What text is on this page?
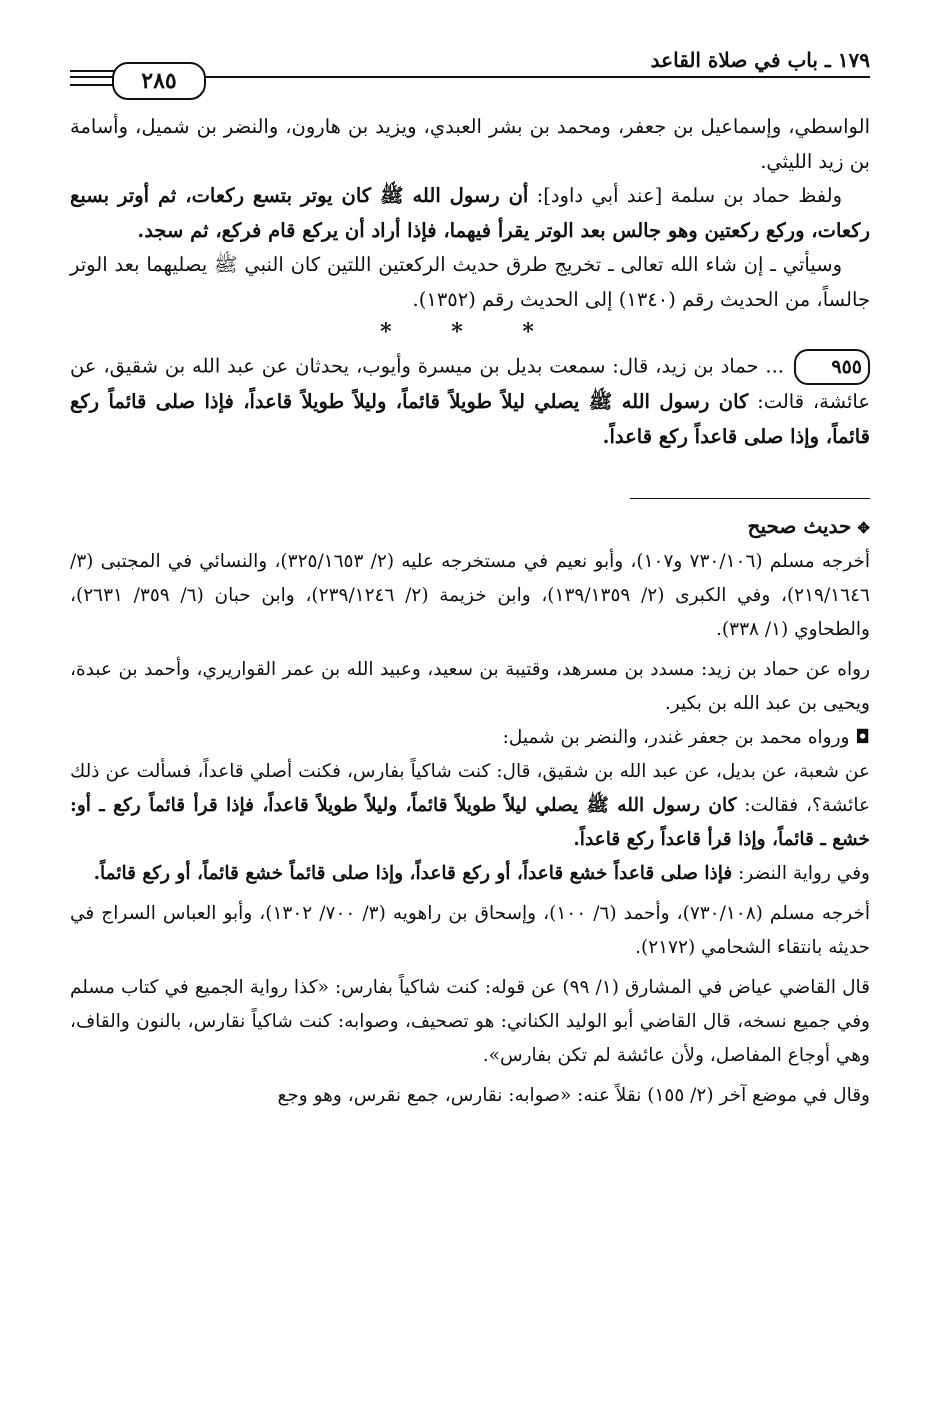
١٧٩ ـ باب في صلاة القاعد
٢٨٥

الواسطي، وإسماعيل بن جعفر، ومحمد بن بشر العبدي، ويزيد بن هارون، والنضر بن شميل، وأسامة بن زيد الليثي.

ولفظ حماد بن سلمة [عند أبي داود]: أن رسول الله ﷺ كان يوتر بتسع ركعات، ثم أوتر بسبع ركعات، وركع ركعتين وهو جالس بعد الوتر يقرأ فيهما، فإذا أراد أن يركع قام فركع، ثم سجد.

وسيأتي ـ إن شاء الله تعالى ـ تخريج طرق حديث الركعتين اللتين كان النبي ﷺ يصليهما بعد الوتر جالساً، من الحديث رقم (١٣٤٠) إلى الحديث رقم (١٣٥٢).

* * *

٩٥٥... حماد بن زيد، قال: سمعت بديل بن ميسرة وأيوب، يحدثان عن عبد الله بن شقيق، عن عائشة، قالت: كان رسول الله ﷺ يصلي ليلاً طويلاً قائماً، وليلاً طويلاً قاعداً، فإذا صلى قائماً ركع قائماً، وإذا صلى قاعداً ركع قاعداً.

✥حديث صحيح

أخرجه مسلم (٧٣٠/١٠٦ و١٠٧)، وأبو نعيم في مستخرجه عليه (٢/ ٣٢٥/١٦٥٣)، والنسائي في المجتبى (٣/ ٢١٩/١٦٤٦)، وفي الكبرى (٢/ ١٣٩/١٣٥٩)، وابن خزيمة (٢/ ٢٣٩/١٢٤٦)، وابن حبان (٦/ ٣٥٩/ ٢٦٣١)، والطحاوي (١/ ٣٣٨).

رواه عن حماد بن زيد: مسدد بن مسرهد، وقتيبة بن سعيد، وعبيد الله بن عمر القواريري، وأحمد بن عبدة، ويحيى بن عبد الله بن بكير.

◘ ورواه محمد بن جعفر غندر، والنضر بن شميل:

عن شعبة، عن بديل، عن عبد الله بن شقيق، قال: كنت شاكياً بفارس، فكنت أصلي قاعداً، فسألت عن ذلك عائشة؟، فقالت: كان رسول الله ﷺ يصلي ليلاً طويلاً قائماً، وليلاً طويلاً قاعداً، فإذا قرأ قائماً ركع ـ أو: خشع ـ قائماً، وإذا قرأ قاعداً ركع قاعداً.

وفي رواية النضر: فإذا صلى قاعداً خشع قاعداً، أو ركع قاعداً، وإذا صلى قائماً خشع قائماً، أو ركع قائماً.

أخرجه مسلم (٧٣٠/١٠٨)، وأحمد (٦/ ١٠٠)، وإسحاق بن راهويه (٣/ ٧٠٠/ ١٣٠٢)، وأبو العباس السراج في حديثه بانتقاء الشحامي (٢١٧٢).

قال القاضي عياض في المشارق (١/ ٩٩) عن قوله: كنت شاكياً بفارس: «كذا رواية الجميع في كتاب مسلم وفي جميع نسخه، قال القاضي أبو الوليد الكناني: هو تصحيف، وصوابه: كنت شاكياً نقارس، بالنون والقاف، وهي أوجاع المفاصل، ولأن عائشة لم تكن بفارس».

وقال في موضع آخر (٢/ ١٥٥) نقلاً عنه: «صوابه: نقارس، جمع نقرس، وهو وجع
